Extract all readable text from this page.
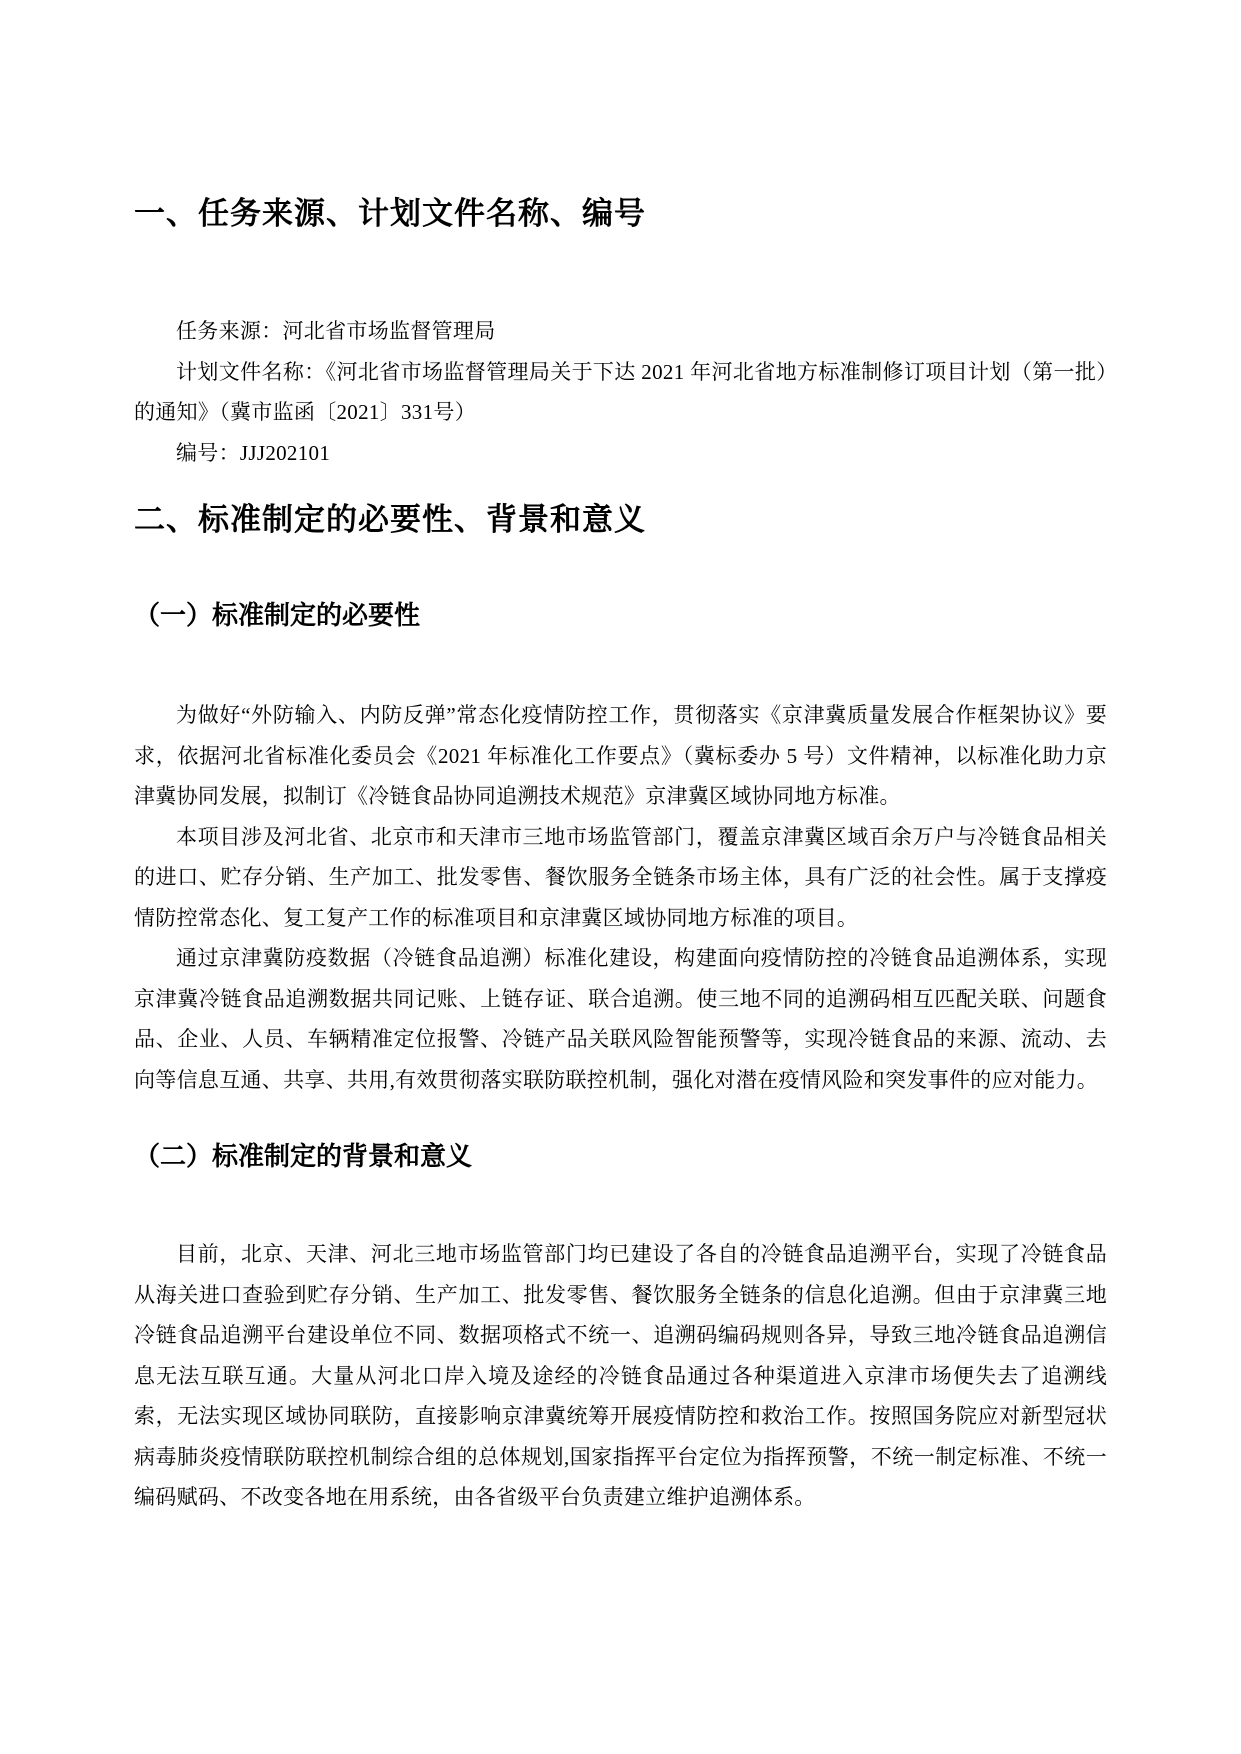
一、任务来源、计划文件名称、编号

任务来源：河北省市场监督管理局

计划文件名称：《河北省市场监督管理局关于下达 2021 年河北省地方标准制修订项目计划（第一批）的通知》（冀市监函〔2021〕331号）

编号：JJJ202101

二、标准制定的必要性、背景和意义
（一）标准制定的必要性

为做好“外防输入、内防反弹”常态化疫情防控工作，贯彻落实《京津冀质量发展合作框架协议》要求，依据河北省标准化委员会《2021 年标准化工作要点》（冀标委办 5 号）文件精神，以标准化助力京津冀协同发展，拟制订《冷链食品协同追溯技术规范》京津冀区域协同地方标准。

本项目涉及河北省、北京市和天津市三地市场监管部门，覆盖京津冀区域百余万户与冷链食品相关的进口、贮存分销、生产加工、批发零售、餐饮服务全链条市场主体，具有广泛的社会性。属于支撑疫情防控常态化、复工复产工作的标准项目和京津冀区域协同地方标准的项目。

通过京津冀防疫数据（冷链食品追溯）标准化建设，构建面向疫情防控的冷链食品追溯体系，实现京津冀冷链食品追溯数据共同记账、上链存证、联合追溯。使三地不同的追溯码相互匹配关联、问题食品、企业、人员、车辆精准定位报警、冷链产品关联风险智能预警等，实现冷链食品的来源、流动、去向等信息互通、共享、共用,有效贯彻落实联防联控机制，强化对潜在疫情风险和突发事件的应对能力。

（二）标准制定的背景和意义

目前，北京、天津、河北三地市场监管部门均已建设了各自的冷链食品追溯平台，实现了冷链食品从海关进口查验到贮存分销、生产加工、批发零售、餐饮服务全链条的信息化追溯。但由于京津冀三地冷链食品追溯平台建设单位不同、数据项格式不统一、追溯码编码规则各异，导致三地冷链食品追溯信息无法互联互通。大量从河北口岸入境及途经的冷链食品通过各种渠道进入京津市场便失去了追溯线索，无法实现区域协同联防，直接影响京津冀统筹开展疫情防控和救治工作。按照国务院应对新型冠状病毒肺炎疫情联防联控机制综合组的总体规划,国家指挥平台定位为指挥预警，不统一制定标准、不统一编码赋码、不改变各地在用系统，由各省级平台负责建立维护追溯体系。
